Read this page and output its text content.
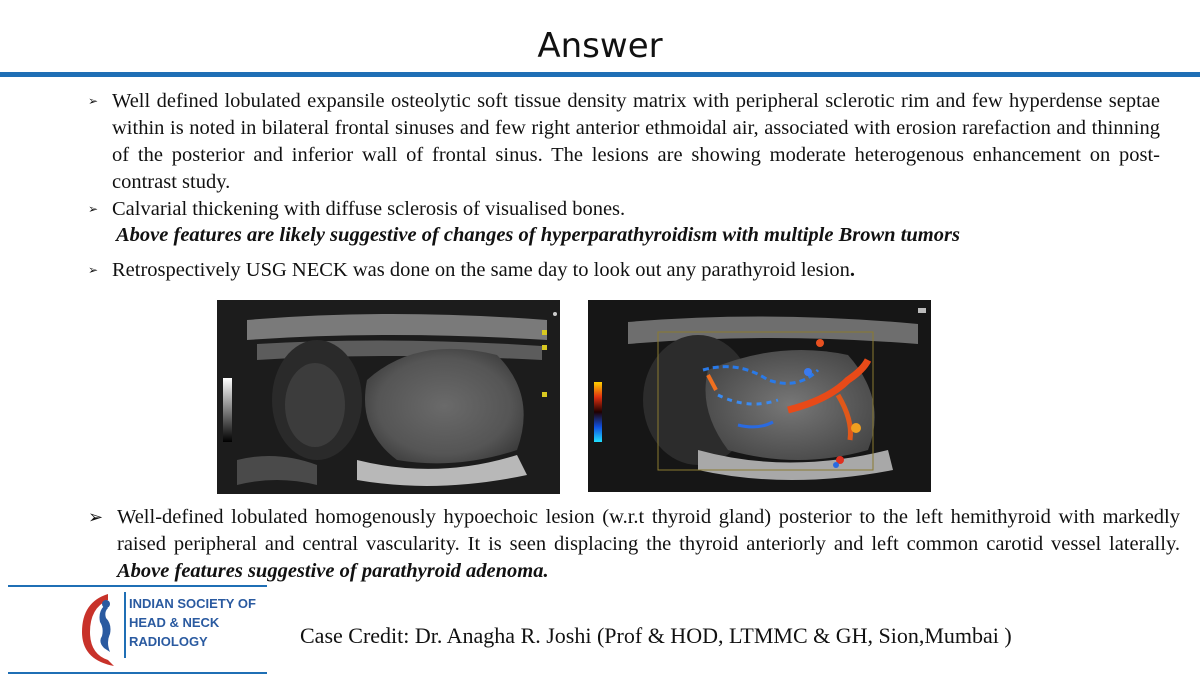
Answer
➢ Well defined lobulated expansile osteolytic soft tissue density matrix with peripheral sclerotic rim and few hyperdense septae within is noted in bilateral frontal sinuses and few right anterior ethmoidal air, associated with erosion rarefaction and thinning of the posterior and inferior wall of frontal sinus. The lesions are showing moderate heterogenous enhancement on post-contrast study.
➢ Calvarial thickening with diffuse sclerosis of visualised bones.
Above features are likely suggestive of changes of hyperparathyroidism with multiple Brown tumors
➢ Retrospectively USG NECK was done on the same day to look out any parathyroid lesion.
➢ Well-defined lobulated homogenously hypoechoic lesion (w.r.t thyroid gland) posterior to the left hemithyroid with markedly raised peripheral and central vascularity. It is seen displacing the thyroid anteriorly and left common carotid vessel laterally. Above features suggestive of parathyroid adenoma.
INDIAN SOCIETY OF
HEAD & NECK
RADIOLOGY	Case Credit: Dr. Anagha R. Joshi (Prof & HOD, LTMMC & GH, Sion,Mumbai )
